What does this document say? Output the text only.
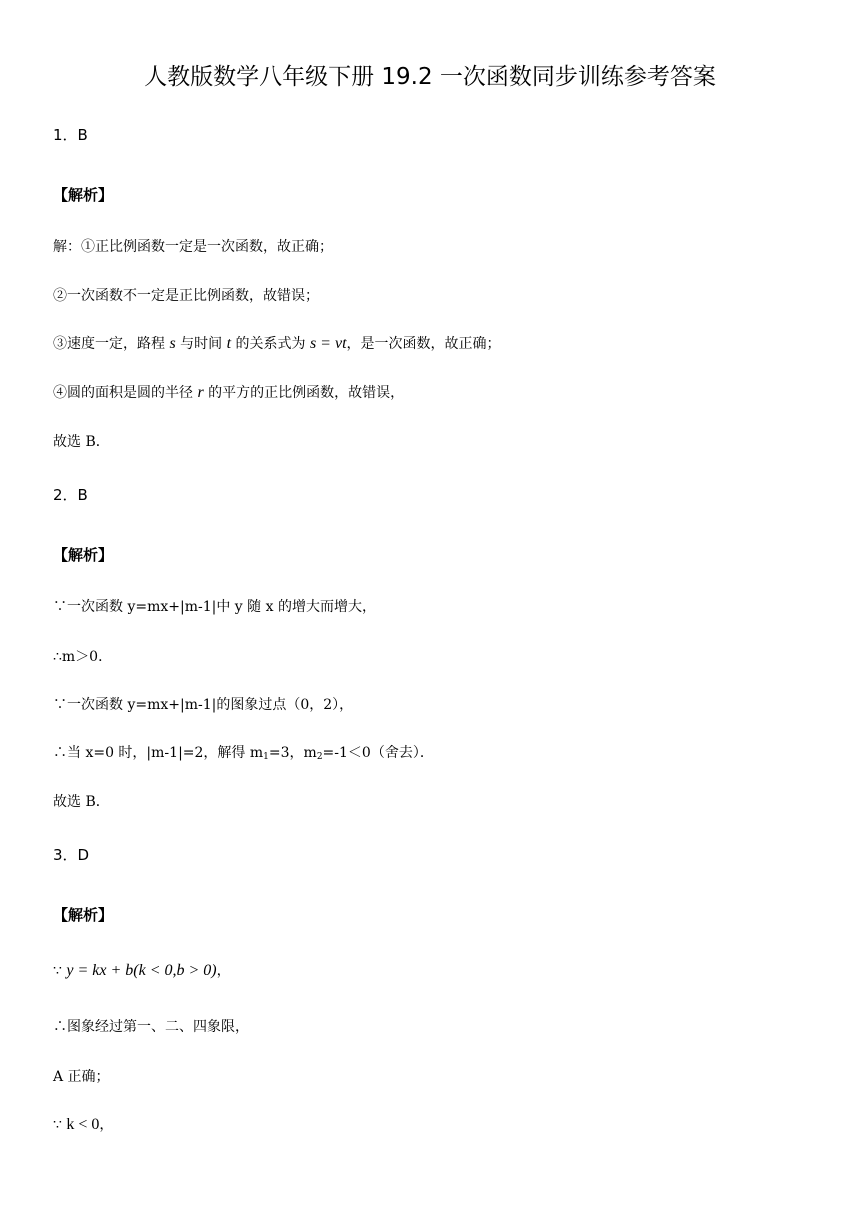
人教版数学八年级下册 19.2 一次函数同步训练参考答案
1．B
【解析】
解：①正比例函数一定是一次函数，故正确；
②一次函数不一定是正比例函数，故错误；
③速度一定，路程 s 与时间 t 的关系式为 s = vt，是一次函数，故正确；
④圆的面积是圆的半径 r 的平方的正比例函数，故错误，
故选 B．
2．B
【解析】
∵一次函数 y=mx+|m-1|中 y 随 x 的增大而增大，
∴m＞0．
∵一次函数 y=mx+|m-1|的图象过点（0，2），
∴当 x=0 时，|m-1|=2，解得 $m_1=3$，$m_2=-1<0$（舍去）．
故选 B．
3．D
【解析】
∵ y = kx + b(k < 0,b > 0)，
∴图象经过第一、二、四象限，
A 正确；
∵ k < 0，
